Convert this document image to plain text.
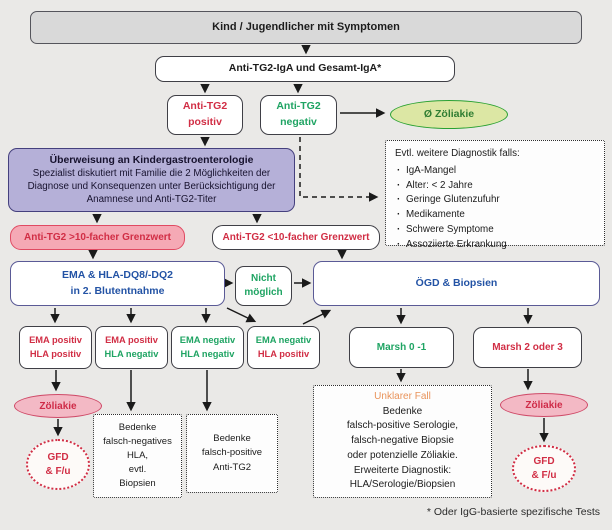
Kind / Jugendlicher mit Symptomen
Anti-TG2-IgA und Gesamt-IgA*
Anti-TG2
positiv
Anti-TG2
negativ
Ø Zöliakie
Überweisung an Kindergastroenterologie
Spezialist diskutiert mit Familie die 2 Möglichkeiten der
Diagnose und Konsequenzen unter Berücksichtigung der
Anamnese und Anti-TG2-Titer
Evtl. weitere Diagnostik falls:
· IgA-Mangel
· Alter: < 2 Jahre
· Geringe Glutenzufuhr
· Medikamente
· Schwere Symptome
· Assoziierte Erkrankung
Anti-TG2 >10-facher Grenzwert	Anti-TG2 <10-facher Grenzwert
EMA & HLA-DQ8/-DQ2
in 2. Blutentnahme
Nicht
möglich
ÖGD & Biopsien
EMA positiv
HLA positiv
EMA positiv
HLA negativ
EMA negativ
HLA negativ
EMA negativ
HLA positiv
Marsh 0 -1	Marsh 2 oder 3
Zöliakie
Bedenke
falsch-negatives
HLA,
evtl.
Biopsien
Bedenke
falsch-positive
Anti-TG2
GFD
& F/u
Unklarer Fall
Bedenke
falsch-positive Serologie,
falsch-negative Biopsie
oder potenzielle Zöliakie.
Erweiterte Diagnostik:
HLA/Serologie/Biopsien
Zöliakie
GFD
& F/u
* Oder IgG-basierte spezifische Tests
